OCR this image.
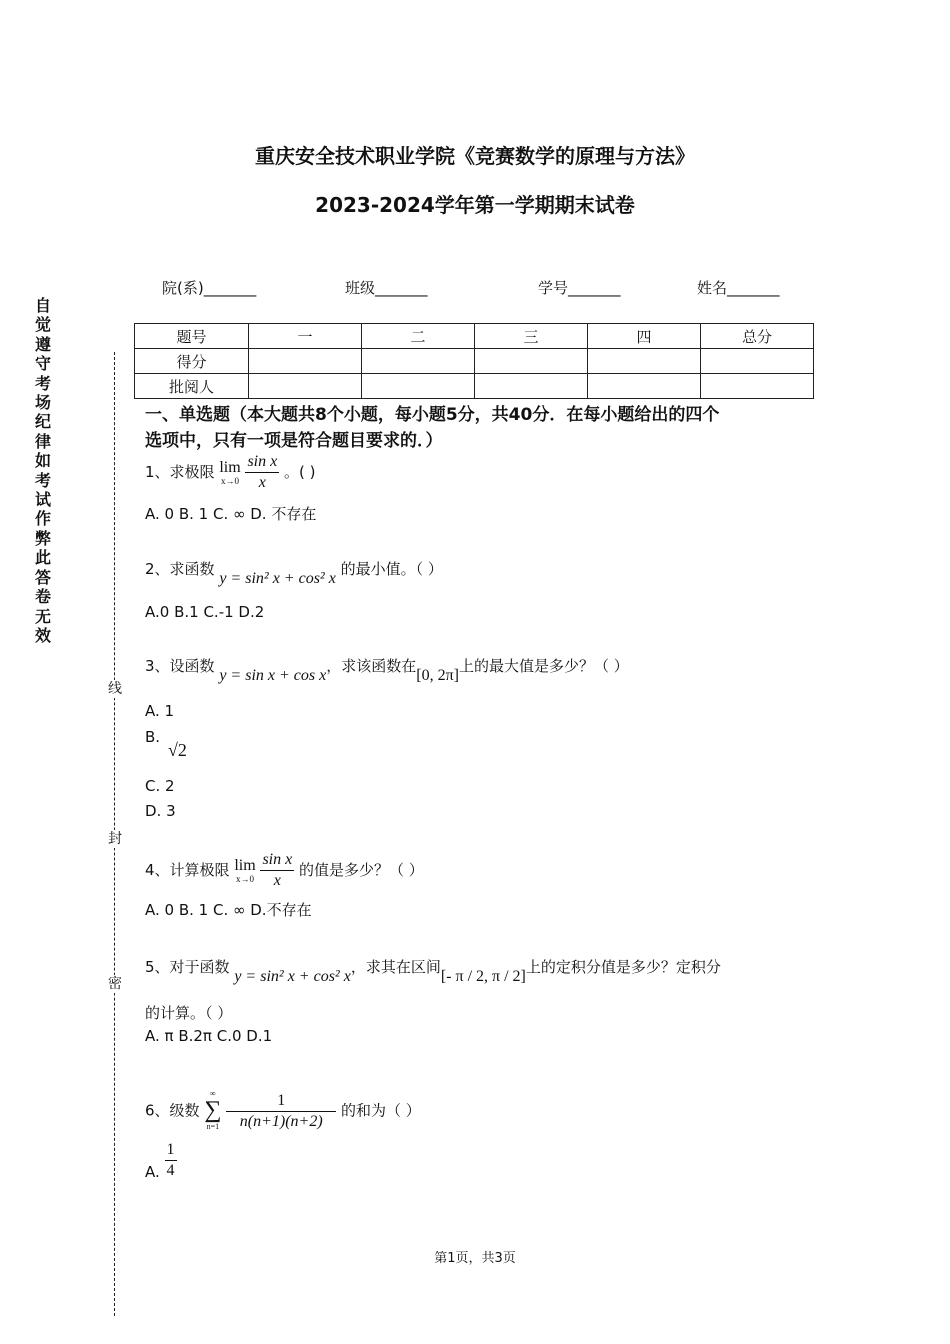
重庆安全技术职业学院《竞赛数学的原理与方法》
2023-2024学年第一学期期末试卷
自觉遵守考场纪律如考试作弊此答卷无效
线
封
密
院(系)_______	班级_______	学号_______	姓名_______
题号	一	二	三	四	总分
得分					
批阅人					
一、单选题（本大题共8个小题，每小题5分，共40分．在每小题给出的四个
选项中，只有一项是符合题目要求的．）
1、求极限 lim
x→0
$\frac{\text{sin x}}{x}$ 。( )
A. 0 B. 1 C. ∞ D. 不存在
2、求函数 y = sin² x + cos² x 的最小值。（ ）
A.0 B.1 C.-1 D.2
3、设函数 y = sin x + cos x，求该函数在[0, 2π]上的最大值是多少？（ ）
A. 1
B.
√2
C. 2
D. 3
4、计算极限 lim
x→0
$\frac{\text{sin x}}{x}$ 的值是多少？（ ）
A. 0 B. 1 C. ∞ D.不存在
5、对于函数 y = sin² x + cos² x，求其在区间[- π / 2, π / 2]上的定积分值是多少？定积分
的计算。（ ）
A. π B.2π C.0 D.1
6、级数
∞
∑
n=1
$\frac{1}{n(n+1)(n+2)}$ 的和为（ ）
A. $\frac{1}{4}$
第1页，共3页
